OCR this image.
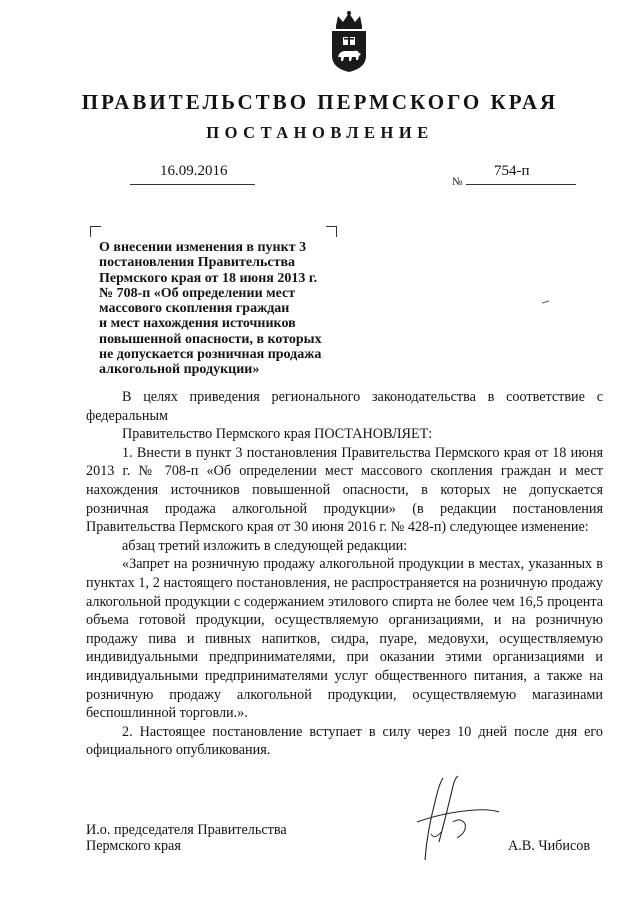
ПРАВИТЕЛЬСТВО ПЕРМСКОГО КРАЯ
ПОСТАНОВЛЕНИЕ
16.09.2016
№
754-п
О внесении изменения в пункт 3
постановления Правительства
Пермского края от 18 июня 2013 г.
№ 708-п «Об определении мест
массового скопления граждан
и мест нахождения источников
повышенной опасности, в которых
не допускается розничная продажа
алкогольной продукции»

В целях приведения регионального законодательства в соответствие с федеральным

Правительство Пермского края ПОСТАНОВЛЯЕТ:

1. Внести в пункт 3 постановления Правительства Пермского края от 18 июня 2013 г. № 708-п «Об определении мест массового скопления граждан и мест нахождения источников повышенной опасности, в которых не допускается розничная продажа алкогольной продукции» (в редакции постановления Правительства Пермского края от 30 июня 2016 г. № 428-п) следующее изменение:

абзац третий изложить в следующей редакции:

«Запрет на розничную продажу алкогольной продукции в местах, указанных в пунктах 1, 2 настоящего постановления, не распространяется на розничную продажу алкогольной продукции с содержанием этилового спирта не более чем 16,5 процента объема готовой продукции, осуществляемую организациями, и на розничную продажу пива и пивных напитков, сидра, пуаре, медовухи, осуществляемую индивидуальными предпринимателями, при оказании этими организациями и индивидуальными предпринимателями услуг общественного питания, а также на розничную продажу алкогольной продукции, осуществляемую магазинами беспошлинной торговли.».

2. Настоящее постановление вступает в силу через 10 дней после дня его официального опубликования.

И.о. председателя Правительства
Пермского края	А.В. Чибисов
